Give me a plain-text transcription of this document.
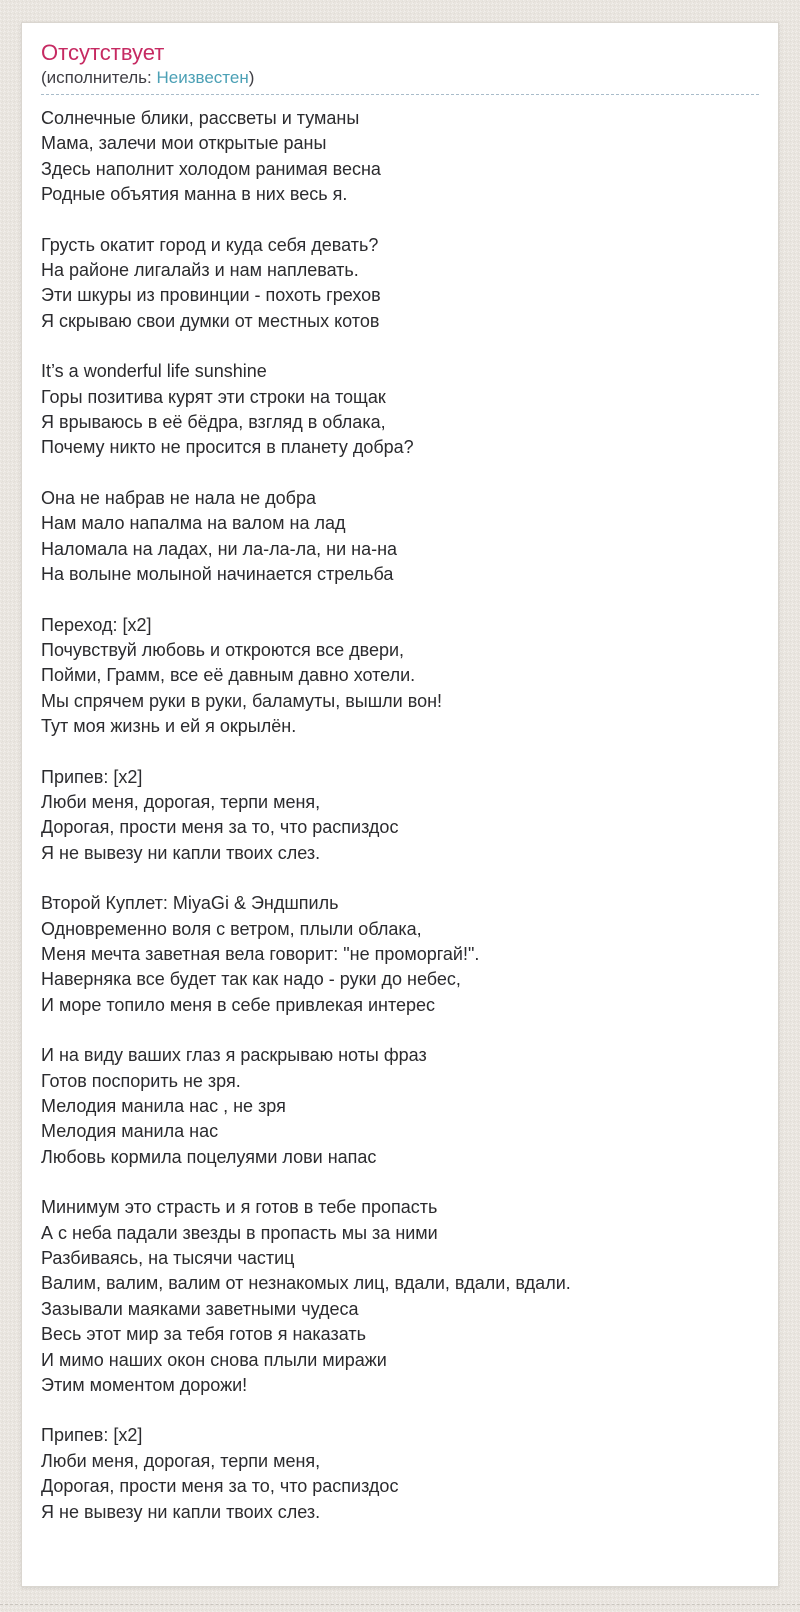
Отсутствует
(исполнитель: Неизвестен)

Солнечные блики, рассветы и туманы
Мама, залечи мои открытые раны
Здесь наполнит холодом ранимая весна
Родные объятия манна в них весь я.

Грусть окатит город и куда себя девать?
На районе лигалайз и нам наплевать.
Эти шкуры из провинции - похоть грехов
Я скрываю свои думки от местных котов

It’s a wonderful life sunshine
Горы позитива курят эти строки на тощак
Я врываюсь в её бёдра, взгляд в облака,
Почему никто не просится в планету добра?

Она не набрав не нала не добра
Нам мало напалма на валом на лад
Наломала на ладах, ни ла-ла-ла, ни на-на
На волыне молыной начинается стрельба

Переход: [x2]
Почувствуй любовь и откроются все двери,
Пойми, Грамм, все её давным давно хотели.
Мы спрячем руки в руки, баламуты, вышли вон!
Тут моя жизнь и ей я окрылён.

Припев: [x2]
Люби меня, дорогая, терпи меня,
Дорогая, прости меня за то, что распиздос
Я не вывезу ни капли твоих слез.

Второй Куплет: MiyaGi & Эндшпиль
Одновременно воля с ветром, плыли облака,
Меня мечта заветная вела говорит: "не проморгай!".
Наверняка все будет так как надо - руки до небес,
И море топило меня в себе привлекая интерес

И на виду ваших глаз я раскрываю ноты фраз
Готов поспорить не зря.
Мелодия манила нас , не зря
Мелодия манила нас
Любовь кормила поцелуями лови напас

Минимум это страсть и я готов в тебе пропасть
А с неба падали звезды в пропасть мы за ними
Разбиваясь, на тысячи частиц
Валим, валим, валим от незнакомых лиц, вдали, вдали, вдали.
Зазывали маяками заветными чудеса
Весь этот мир за тебя готов я наказать
И мимо наших окон снова плыли миражи
Этим моментом дорожи!

Припев: [x2]
Люби меня, дорогая, терпи меня,
Дорогая, прости меня за то, что распиздос
Я не вывезу ни капли твоих слез.
